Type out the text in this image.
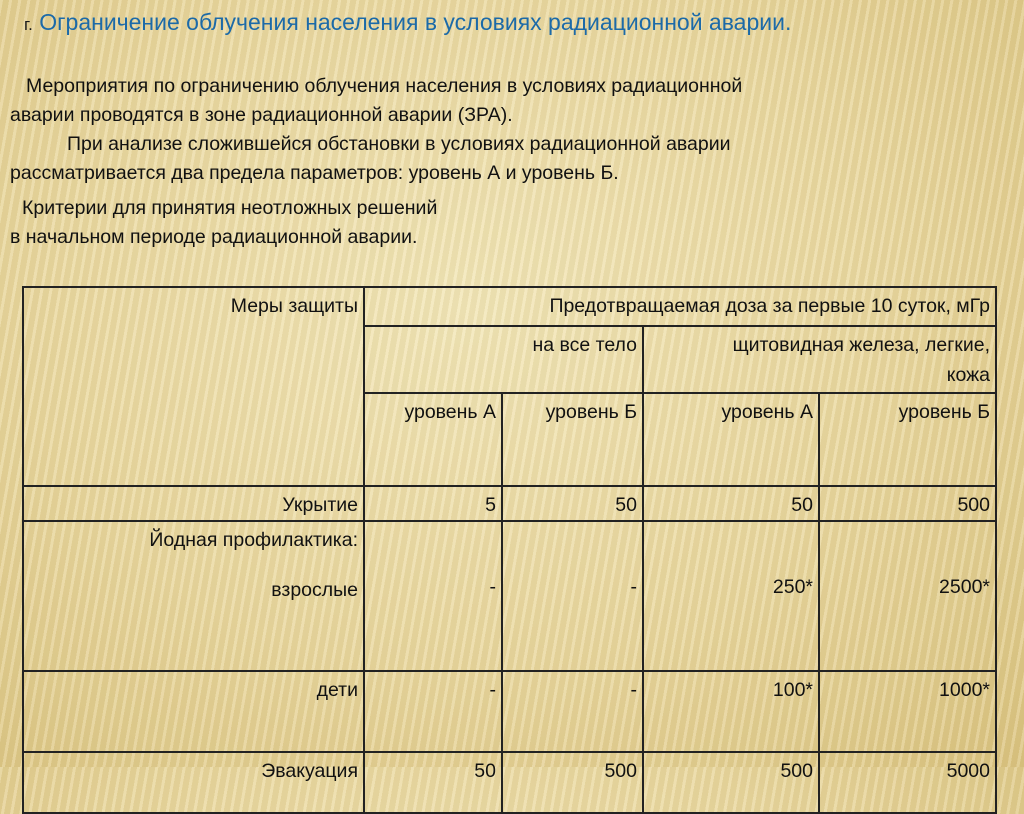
г. Ограничение облучения населения в условиях радиационной аварии.
Мероприятия по ограничению облучения населения в условиях радиационной
аварии проводятся в зоне радиационной аварии (ЗРА).
При анализе сложившейся обстановки в условиях радиационной аварии
рассматривается два предела параметров: уровень А и уровень Б.
Критерии для принятия неотложных решений
в начальном периоде радиационной аварии.
Меры защиты	Предотвращаемая доза за первые 10 суток, мГр			
	на все тело		щитовидная железа, легкие,
кожа	

	уровень А	уровень Б	уровень А	уровень Б
Укрытие	5	50	50	500

Йодная профилактика:
взрослые	-	-	250*	2500*
дети	-	-	100*	1000*
Эвакуация	50	500	500	5000
